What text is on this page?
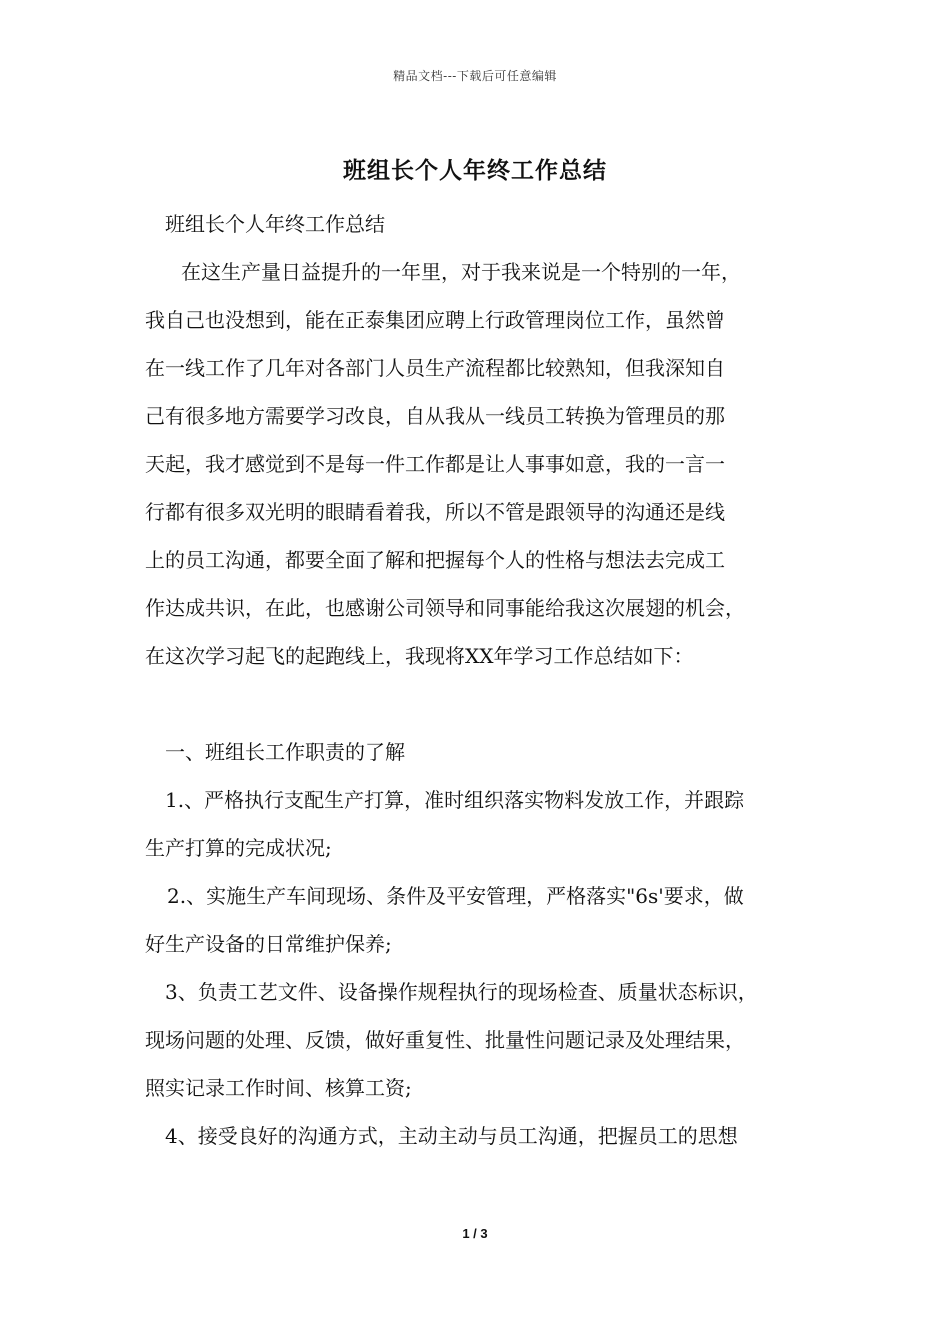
精品文档---下载后可任意编辑
班组长个人年终工作总结
班组长个人年终工作总结
在这生产量日益提升的一年里，对于我来说是一个特别的一年，
我自己也没想到，能在正泰集团应聘上行政管理岗位工作，虽然曾
在一线工作了几年对各部门人员生产流程都比较熟知，但我深知自
己有很多地方需要学习改良，自从我从一线员工转换为管理员的那
天起，我才感觉到不是每一件工作都是让人事事如意，我的一言一
行都有很多双光明的眼睛看着我，所以不管是跟领导的沟通还是线
上的员工沟通，都要全面了解和把握每个人的性格与想法去完成工
作达成共识，在此，也感谢公司领导和同事能给我这次展翅的机会，
在这次学习起飞的起跑线上，我现将XX年学习工作总结如下：
一、班组长工作职责的了解
1.、严格执行支配生产打算，准时组织落实物料发放工作，并跟踪
生产打算的完成状况;
2.、实施生产车间现场、条件及平安管理，严格落实"6s'要求，做
好生产设备的日常维护保养;
3、负责工艺文件、设备操作规程执行的现场检查、质量状态标识，
现场问题的处理、反馈，做好重复性、批量性问题记录及处理结果，
照实记录工作时间、核算工资;
4、接受良好的沟通方式，主动主动与员工沟通，把握员工的思想
1 / 3
